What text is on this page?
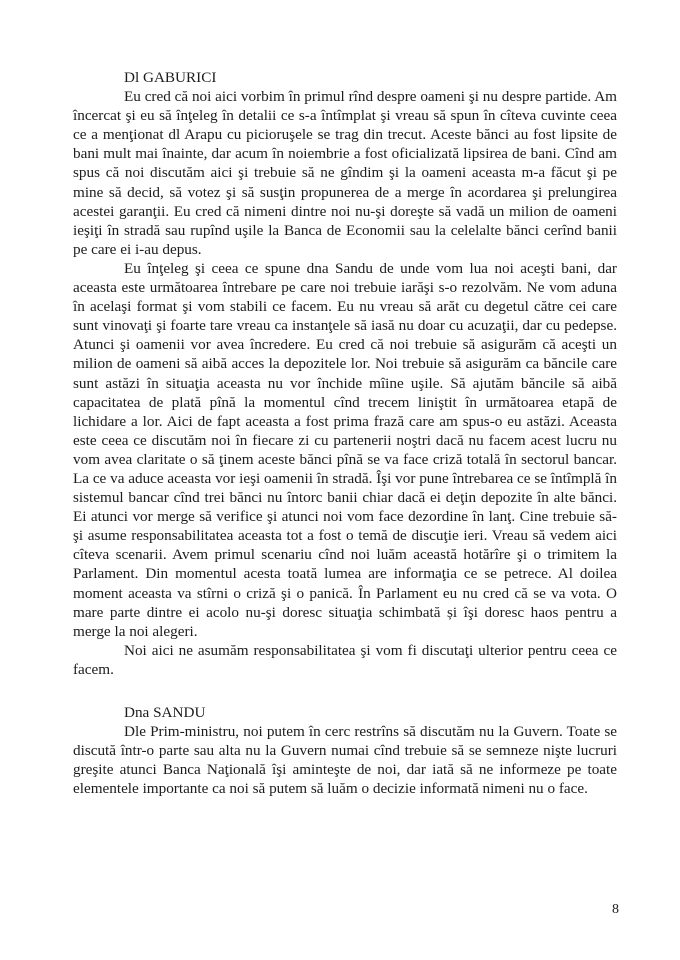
Dl GABURICI

Eu cred că noi aici vorbim în primul rînd despre oameni şi nu despre partide. Am încercat şi eu să înţeleg în detalii ce s-a întîmplat şi vreau să spun în cîteva cuvinte ceea ce a menţionat dl Arapu cu picioruşele se trag din trecut. Aceste bănci au fost lipsite de bani mult mai înainte, dar acum în noiembrie a fost oficializată lipsirea de bani. Cînd am spus că noi discutăm aici şi trebuie să ne gîndim şi la oameni aceasta m-a făcut şi pe mine să decid, să votez şi să susţin propunerea de a merge în acordarea şi prelungirea acestei garanţii. Eu cred că nimeni dintre noi nu-şi doreşte să vadă un milion de oameni ieşiţi în stradă sau rupînd uşile la Banca de Economii sau la celelalte bănci cerînd banii pe care ei i-au depus.

Eu înţeleg şi ceea ce spune dna Sandu de unde vom lua noi aceşti bani, dar aceasta este următoarea întrebare pe care noi trebuie iarăşi s-o rezolvăm. Ne vom aduna în acelaşi format şi vom stabili ce facem. Eu nu vreau să arăt cu degetul către cei care sunt vinovaţi şi foarte tare vreau ca instanţele să iasă nu doar cu acuzaţii, dar cu pedepse. Atunci şi oamenii vor avea încredere. Eu cred că noi trebuie să asigurăm că aceşti un milion de oameni să aibă acces la depozitele lor. Noi trebuie să asigurăm ca băncile care sunt astăzi în situaţia aceasta nu vor închide mîine uşile. Să ajutăm băncile să aibă capacitatea de plată pînă la momentul cînd trecem liniştit în următoarea etapă de lichidare a lor. Aici de fapt aceasta a fost prima frază care am spus-o eu astăzi. Aceasta este ceea ce discutăm noi în fiecare zi cu partenerii noştri dacă nu facem acest lucru nu vom avea claritate o să ţinem aceste bănci pînă se va face criză totală în sectorul bancar. La ce va aduce aceasta vor ieşi oamenii în stradă. Îşi vor pune întrebarea ce se întîmplă în sistemul bancar cînd trei bănci nu întorc banii chiar dacă ei deţin depozite în alte bănci. Ei atunci vor merge să verifice şi atunci noi vom face dezordine în lanţ. Cine trebuie să-şi asume responsabilitatea aceasta tot a fost o temă de discuţie ieri. Vreau să vedem aici cîteva scenarii. Avem primul scenariu cînd noi luăm această hotărîre şi o trimitem la Parlament. Din momentul acesta toată lumea are informaţia ce se petrece. Al doilea moment aceasta va stîrni o criză şi o panică. În Parlament eu nu cred că se va vota. O mare parte dintre ei acolo nu-şi doresc situaţia schimbată și îşi doresc haos pentru a merge la noi alegeri.

Noi aici ne asumăm responsabilitatea şi vom fi discutaţi ulterior pentru ceea ce facem.

Dna SANDU

Dle Prim-ministru, noi putem în cerc restrîns să discutăm nu la Guvern. Toate se discută într-o parte sau alta nu la Guvern numai cînd trebuie să se semneze nişte lucruri greşite atunci Banca Naţională îşi aminteşte de noi, dar iată să ne informeze pe toate elementele importante ca noi să putem să luăm o decizie informată nimeni nu o face.

8
